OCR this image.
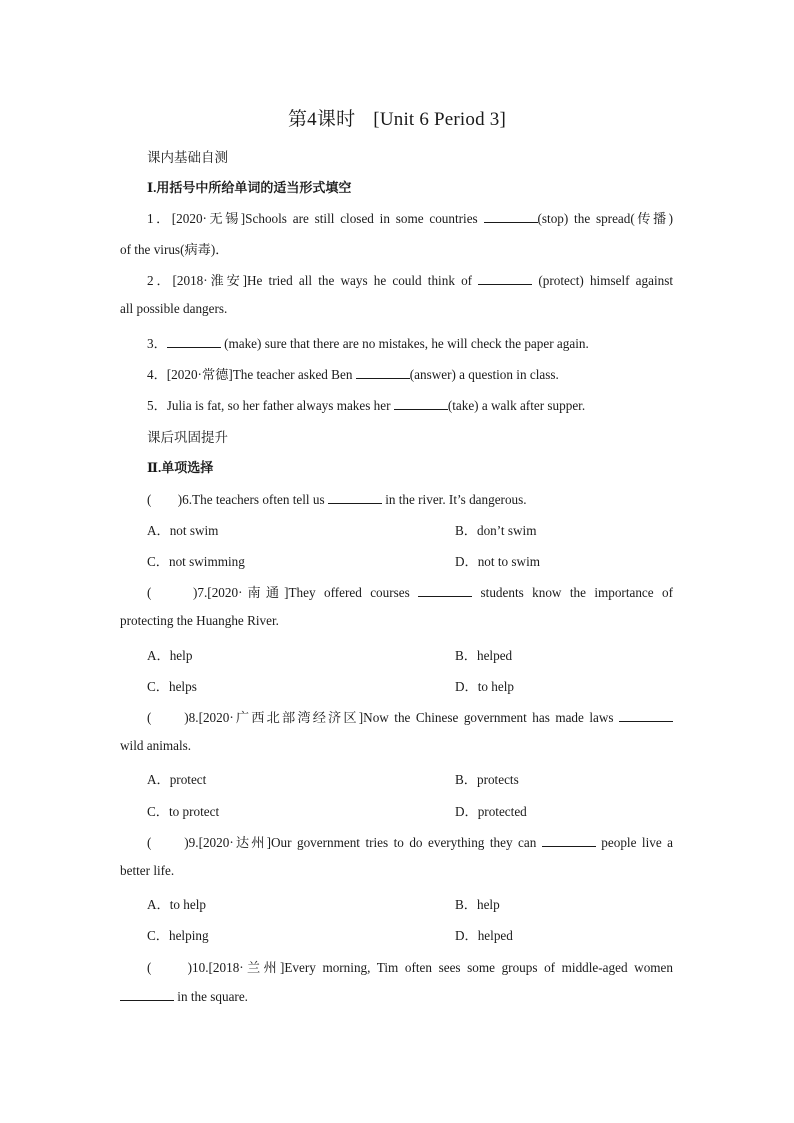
第4课时 [Unit 6 Period 3]
课内基础自测
Ⅰ.用括号中所给单词的适当形式填空
1．[2020·无锡]Schools are still closed in some countries	(stop) the spread(传播)
of the virus(病毒)．
2．[2018·淮安]He tried all the ways he could think of	(protect) himself against
all possible dangers.
3．	(make) sure that there are no mistakes, he will check the paper again.
4．[2020·常德]The teacher asked Ben	(answer) a question in class.
5．Julia is fat, so her father always makes her	(take) a walk after supper.
课后巩固提升
Ⅱ.单项选择
(　　)6.The teachers often tell us	in the river. It’s dangerous.
A．not swim	B．don’t swim
C．not swimming	D．not to swim
(　　)7.[2020·南通]They offered courses	students know the importance of
protecting the Huanghe River.
A．help	B．helped
C．helps	D．to help
(　　)8.[2020·广西北部湾经济区]Now the Chinese government has made laws
wild animals.
A．protect	B．protects
C．to protect	D．protected
(　　)9.[2020·达州]Our government tries to do everything they can	people live a
better life.
A．to help	B．help
C．helping	D．helped
(　　)10.[2018·兰州]Every morning, Tim often sees some groups of middle-aged women
in the square.
